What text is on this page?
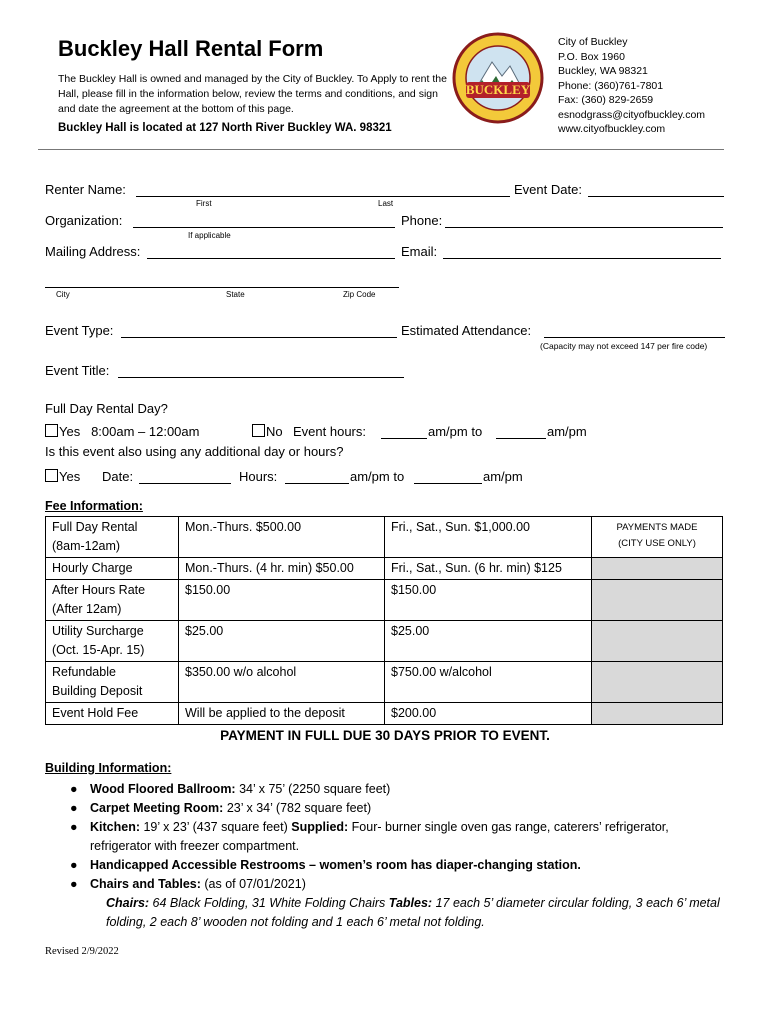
Buckley Hall Rental Form
The Buckley Hall is owned and managed by the City of Buckley. To Apply to rent the Hall, please fill in the information below, review the terms and conditions, and sign and date the agreement at the bottom of this page.
Buckley Hall is located at 127 North River Buckley WA. 98321
BUCKLEY
City of Buckley
P.O. Box 1960
Buckley, WA 98321
Phone: (360)761-7801
Fax: (360) 829-2659
esnodgrass@cityofbuckley.com
www.cityofbuckley.com
Renter Name:
First	Last
Event Date:
Organization:
If applicable
Phone:
Mailing Address:	Email:
City	State	Zip Code
Event Type:	Estimated Attendance:
(Capacity may not exceed 147 per fire code)
Event Title:
Full Day Rental Day?
Yes 8:00am – 12:00am	No Event hours:	am/pm to	am/pm
Is this event also using any additional day or hours?
Yes Date:	Hours:	am/pm to	am/pm
Fee Information:
Full Day Rental
(8am-12am)	Mon.-Thurs. $500.00	Fri., Sat., Sun. $1,000.00	PAYMENTS MADE
(CITY USE ONLY)
Hourly Charge	Mon.-Thurs. (4 hr. min) $50.00	Fri., Sat., Sun. (6 hr. min) $125	
After Hours Rate
(After 12am)	$150.00	$150.00	
Utility Surcharge
(Oct. 15-Apr. 15)	$25.00	$25.00	
Refundable
Building Deposit	$350.00 w/o alcohol	$750.00 w/alcohol	
Event Hold Fee	Will be applied to the deposit	$200.00	
PAYMENT IN FULL DUE 30 DAYS PRIOR TO EVENT.
Building Information:
● Wood Floored Ballroom: 34’ x 75’ (2250 square feet)
● Carpet Meeting Room: 23’ x 34’ (782 square feet)
● Kitchen: 19’ x 23’ (437 square feet) Supplied: Four- burner single oven gas range, caterers’ refrigerator, refrigerator with freezer compartment.
● Handicapped Accessible Restrooms – women’s room has diaper-changing station.
● Chairs and Tables: (as of 07/01/2021)
Chairs: 64 Black Folding, 31 White Folding Chairs Tables: 17 each 5’ diameter circular folding, 3 each 6’ metal folding, 2 each 8’ wooden not folding and 1 each 6’ metal not folding.
Revised 2/9/2022
